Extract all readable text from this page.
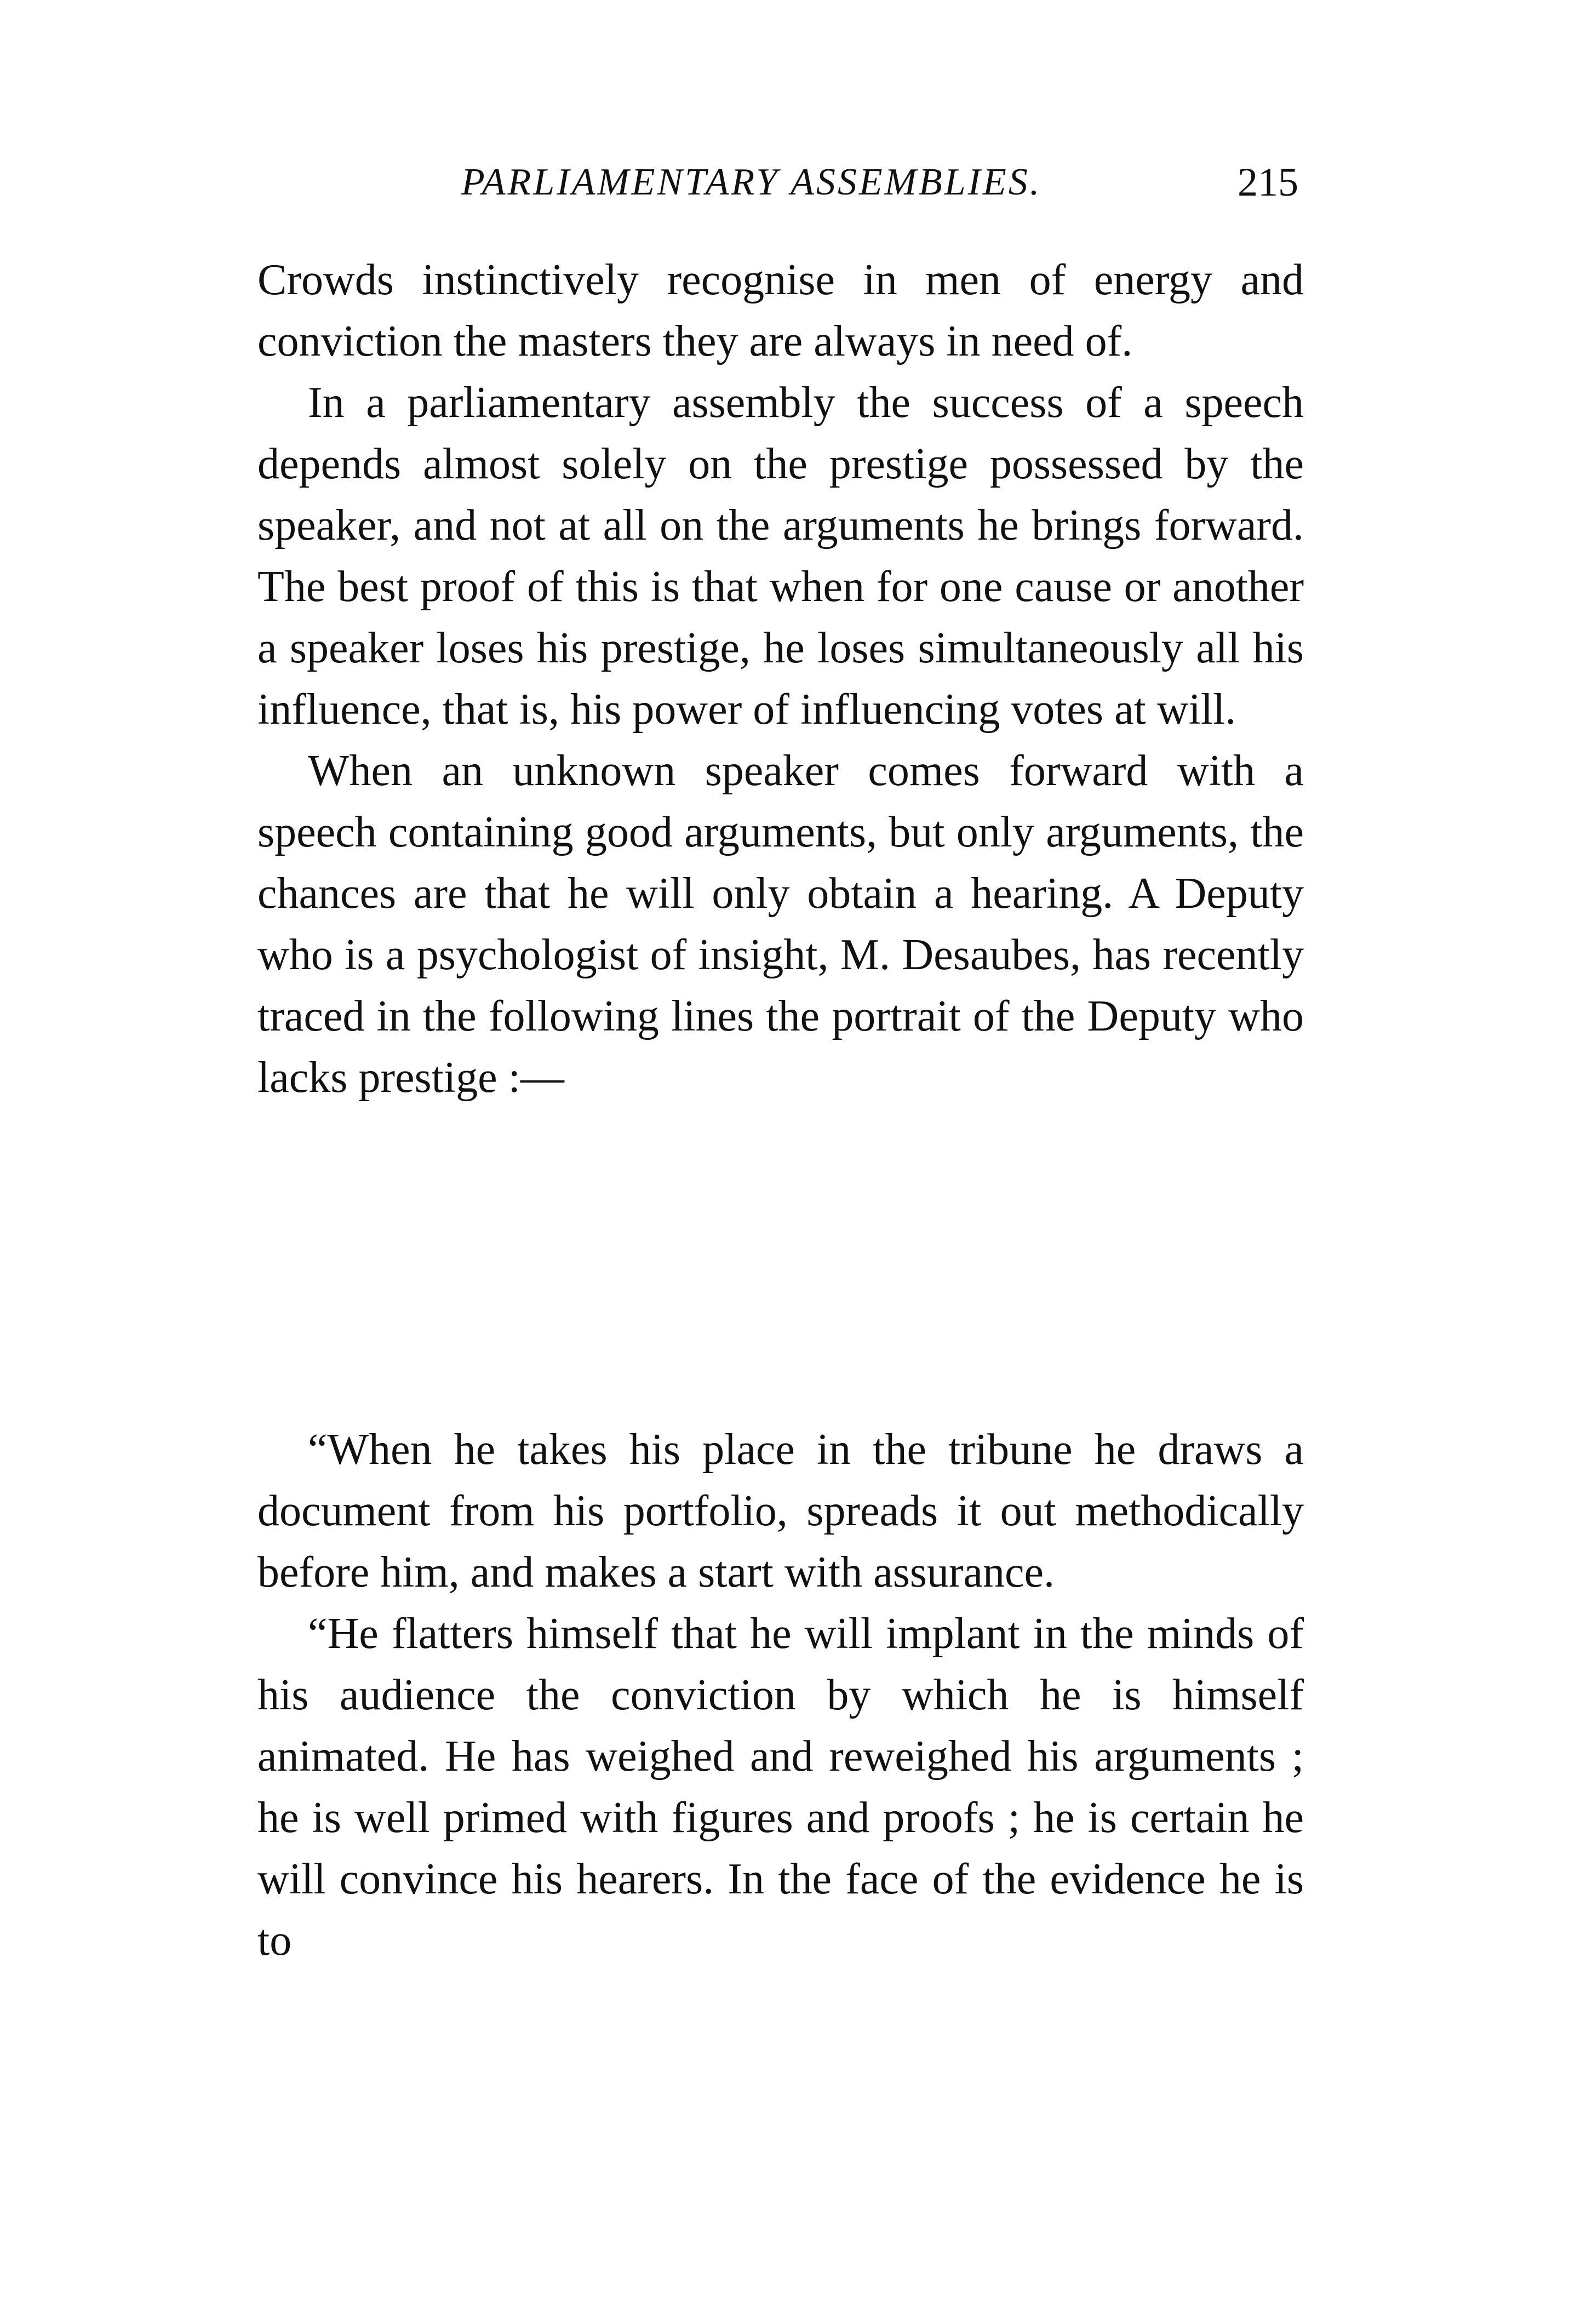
PARLIAMENTARY ASSEMBLIES.	215

Crowds instinctively recognise in men of energy and conviction the masters they are always in need of.

In a parliamentary assembly the success of a speech depends almost solely on the prestige possessed by the speaker, and not at all on the arguments he brings forward. The best proof of this is that when for one cause or another a speaker loses his prestige, he loses simultaneously all his influence, that is, his power of influencing votes at will.

When an unknown speaker comes forward with a speech containing good arguments, but only arguments, the chances are that he will only obtain a hearing. A Deputy who is a psychologist of insight, M. Desaubes, has recently traced in the following lines the portrait of the Deputy who lacks prestige :—

“When he takes his place in the tribune he draws a document from his portfolio, spreads it out methodically before him, and makes a start with assurance.

“He flatters himself that he will implant in the minds of his audience the conviction by which he is himself animated. He has weighed and reweighed his arguments ; he is well primed with figures and proofs ; he is certain he will convince his hearers. In the face of the evidence he is to
